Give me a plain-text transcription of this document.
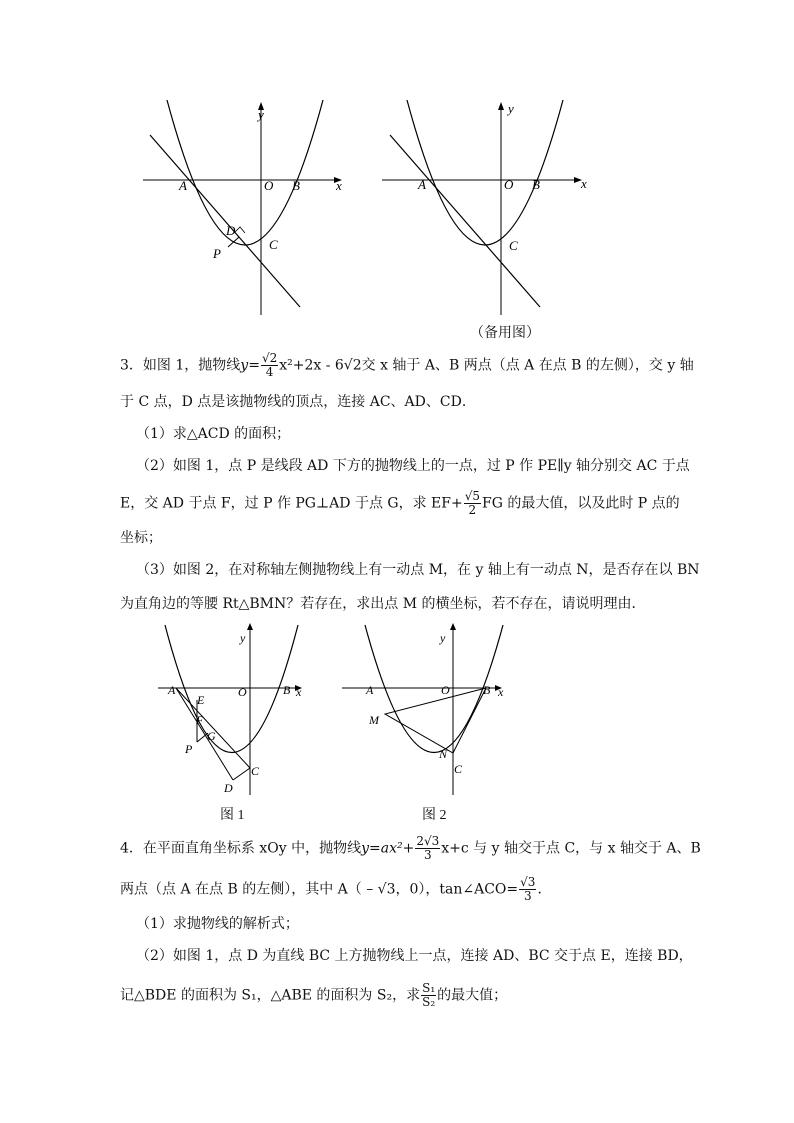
y
x
A	O B
C
D
P
y
x
A	O B
C
（备用图）
3．如图 1，抛物线$y= \frac{√2}{4} x^2+2x - 6√2$交 x 轴于 A、B 两点（点 A 在点 B 的左侧），交 y 轴
于 C 点，D 点是该抛物线的顶点，连接 AC、AD、CD．
（1）求△ACD 的面积；
（2）如图 1，点 P 是线段 AD 下方的抛物线上的一点，过 P 作 PE∥y 轴分别交 AC 于点
E，交 AD 于点 F，过 P 作 PG⊥AD 于点 G，求 $EF+ \frac{√5}{2}$ FG 的最大值，以及此时 P 点的
坐标；
（3）如图 2，在对称轴左侧抛物线上有一动点 M，在 y 轴上有一动点 N，是否存在以 BN
为直角边的等腰 Rt△BMN？若存在，求出点 M 的横坐标，若不存在，请说明理由．
y
x
A	O	B
E
F
G
P
C
D
图 1
y
x
A	O	B
M
N
C
图 2
4．在平面直角坐标系 xOy 中，抛物线$y=ax^2+ \frac{2√3}{3} x+c$ 与 y 轴交于点 C，与 x 轴交于 A、B
两点（点 A 在点 B 的左侧），其中 A（ – √3，0），tan∠ACO= $\frac{√3}{3}$ ．
（1）求抛物线的解析式；
（2）如图 1，点 D 为直线 BC 上方抛物线上一点，连接 AD、BC 交于点 E，连接 BD，
记△BDE 的面积为 S₁，△ABE 的面积为 S₂，求 $\frac{\text{S₁}}{\text{S₂}}$ 的最大值；
